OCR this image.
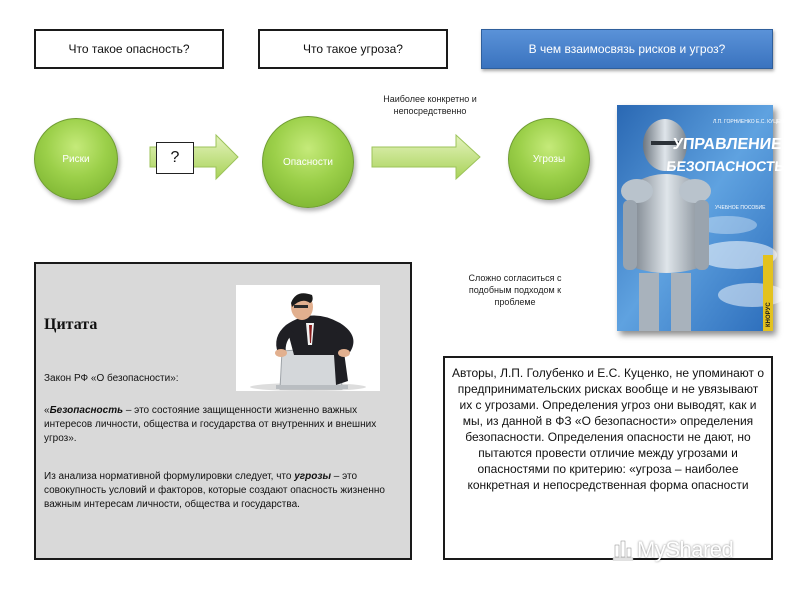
Что такое опасность?	Что такое угроза?	В чем взаимосвязь рисков и угроз?
Риски	?	Опасности
Наиболее конкретно и непосредственно
Угрозы
Сложно согласиться с подобным подходом к проблеме
Л.П. ГОРНИЕНКО Е.С. КУЦЕНКО
УПРАВЛЕНИЕ
БЕЗОПАСНОСТЬЮ
УЧЕБНОЕ ПОСОБИЕ
КНОРУС
Цитата
Закон РФ «О безопасности»:
«Безопасность – это состояние защищенности жизненно важных интересов личности, общества и государства от внутренних и внешних угроз».
Из анализа нормативной формулировки следует, что угрозы – это совокупность условий и факторов, которые создают опасность жизненно важным интересам личности, общества и государства.
Авторы, Л.П. Голубенко и Е.С. Куценко, не упоминают о предпринимательских рисках вообще и не увязывают их с угрозами. Определения угроз они выводят, как и мы, из данной в ФЗ «О безопасности» определения безопасности. Определения опасности не дают, но пытаются провести отличие между угрозами и опасностями по критерию: «угроза – наиболее конкретная и непосредственная форма опасности
MyShared
